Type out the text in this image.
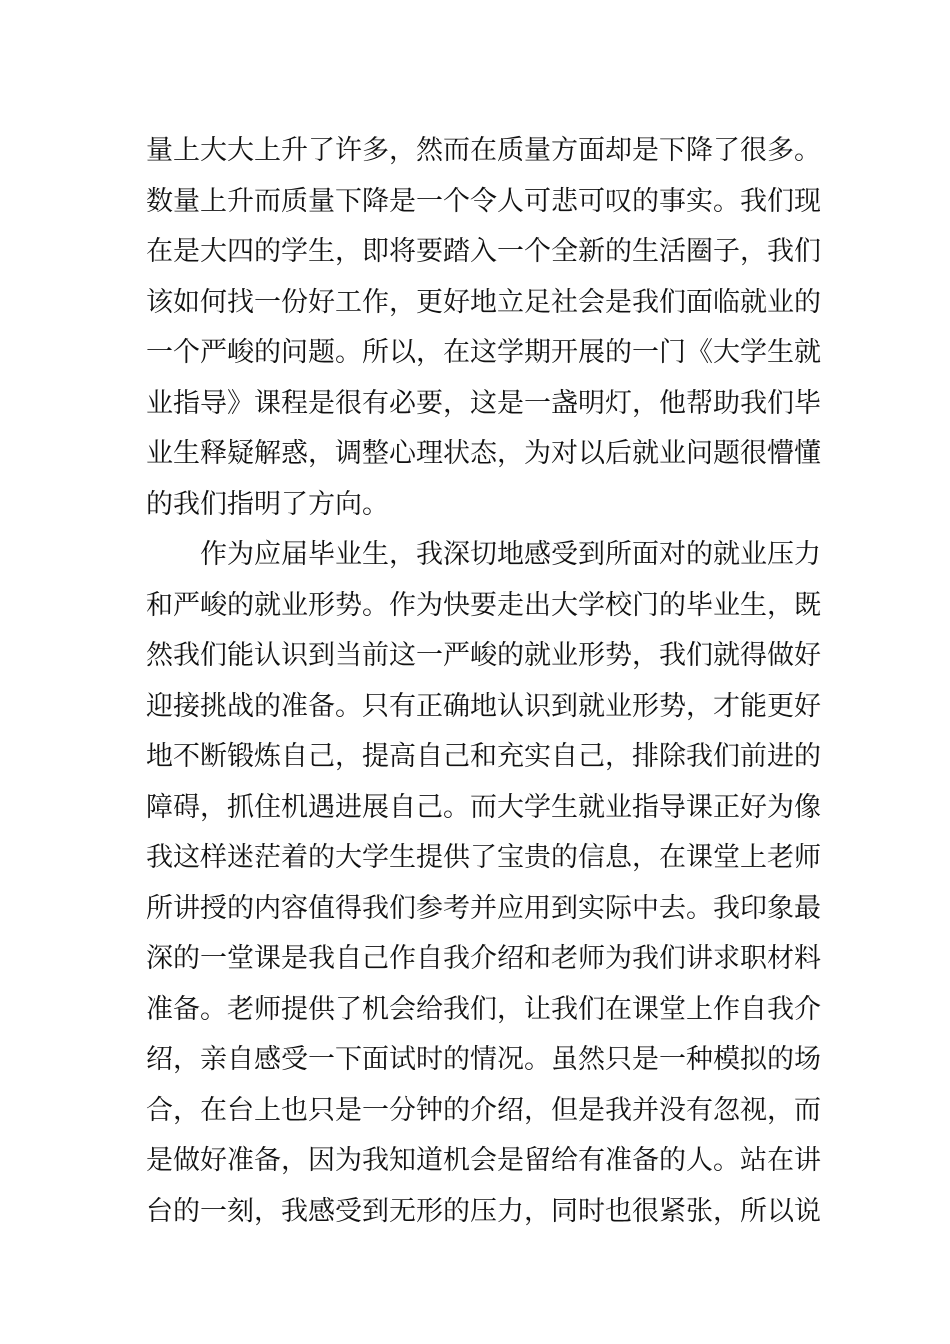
量上大大上升了许多，然而在质量方面却是下降了很多。
数量上升而质量下降是一个令人可悲可叹的事实。我们现
在是大四的学生，即将要踏入一个全新的生活圈子，我们
该如何找一份好工作，更好地立足社会是我们面临就业的
一个严峻的问题。所以，在这学期开展的一门《大学生就
业指导》课程是很有必要，这是一盏明灯，他帮助我们毕
业生释疑解惑，调整心理状态，为对以后就业问题很懵懂
的我们指明了方向。
作为应届毕业生，我深切地感受到所面对的就业压力
和严峻的就业形势。作为快要走出大学校门的毕业生，既
然我们能认识到当前这一严峻的就业形势，我们就得做好
迎接挑战的准备。只有正确地认识到就业形势，才能更好
地不断锻炼自己，提高自己和充实自己，排除我们前进的
障碍，抓住机遇进展自己。而大学生就业指导课正好为像
我这样迷茫着的大学生提供了宝贵的信息，在课堂上老师
所讲授的内容值得我们参考并应用到实际中去。我印象最
深的一堂课是我自己作自我介绍和老师为我们讲求职材料
准备。老师提供了机会给我们，让我们在课堂上作自我介
绍，亲自感受一下面试时的情况。虽然只是一种模拟的场
合，在台上也只是一分钟的介绍，但是我并没有忽视，而
是做好准备，因为我知道机会是留给有准备的人。站在讲
台的一刻，我感受到无形的压力，同时也很紧张，所以说
